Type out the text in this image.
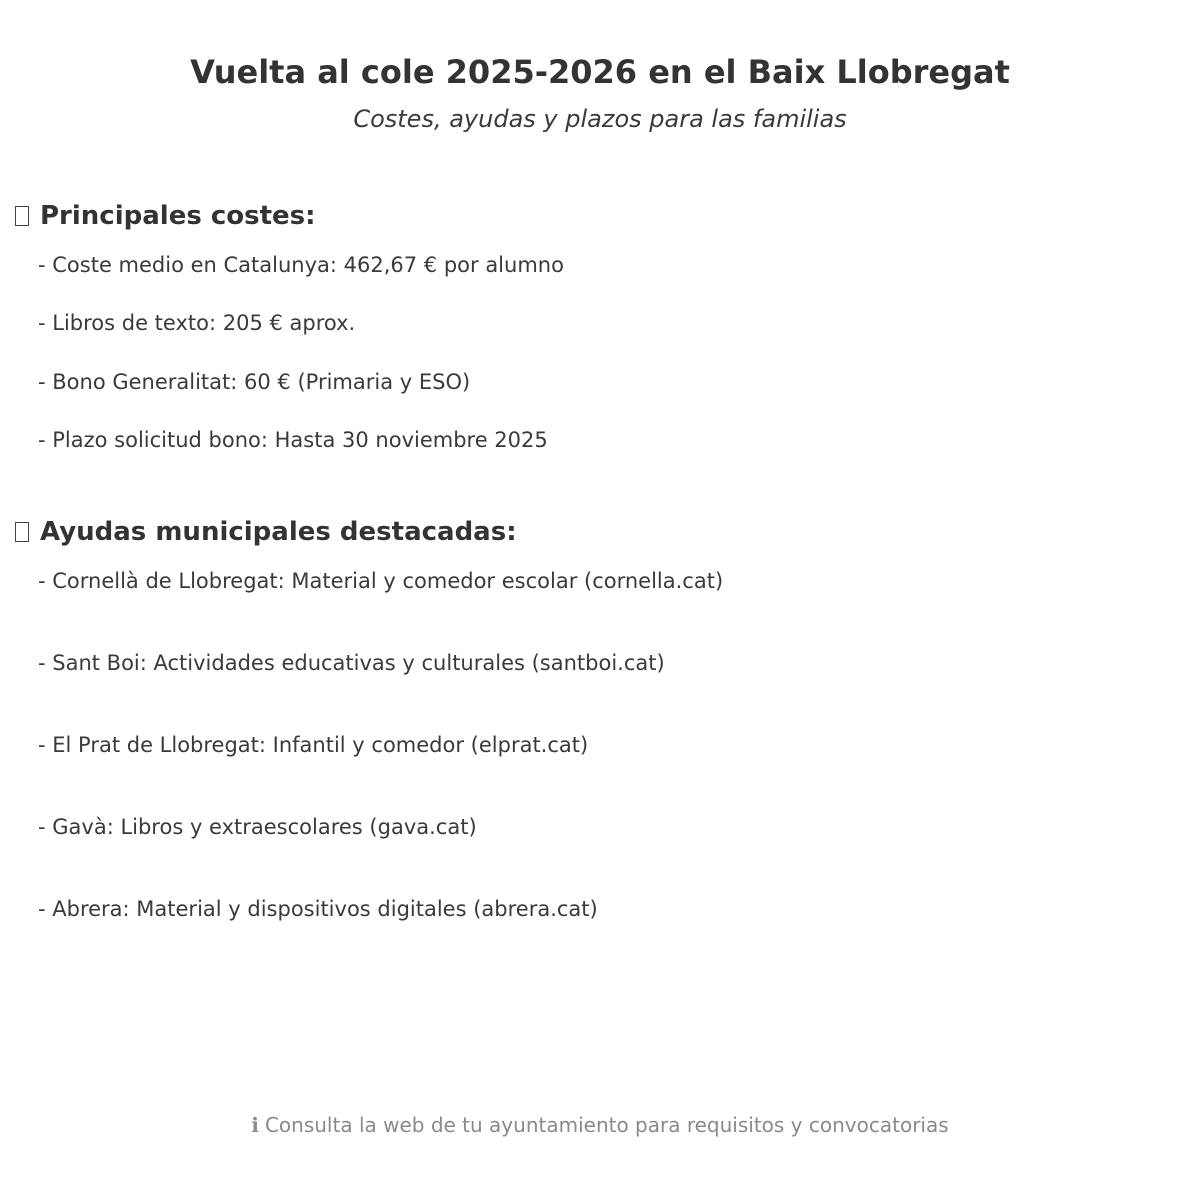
Vuelta al cole 2025-2026 en el Baix Llobregat
Costes, ayudas y plazos para las familias
Principales costes:
- Coste medio en Catalunya: 462,67 € por alumno
- Libros de texto: 205 € aprox.
- Bono Generalitat: 60 € (Primaria y ESO)
- Plazo solicitud bono: Hasta 30 noviembre 2025
Ayudas municipales destacadas:
- Cornellà de Llobregat: Material y comedor escolar (cornella.cat)
- Sant Boi: Actividades educativas y culturales (santboi.cat)
- El Prat de Llobregat: Infantil y comedor (elprat.cat)
- Gavà: Libros y extraescolares (gava.cat)
- Abrera: Material y dispositivos digitales (abrera.cat)
ℹ Consulta la web de tu ayuntamiento para requisitos y convocatorias
